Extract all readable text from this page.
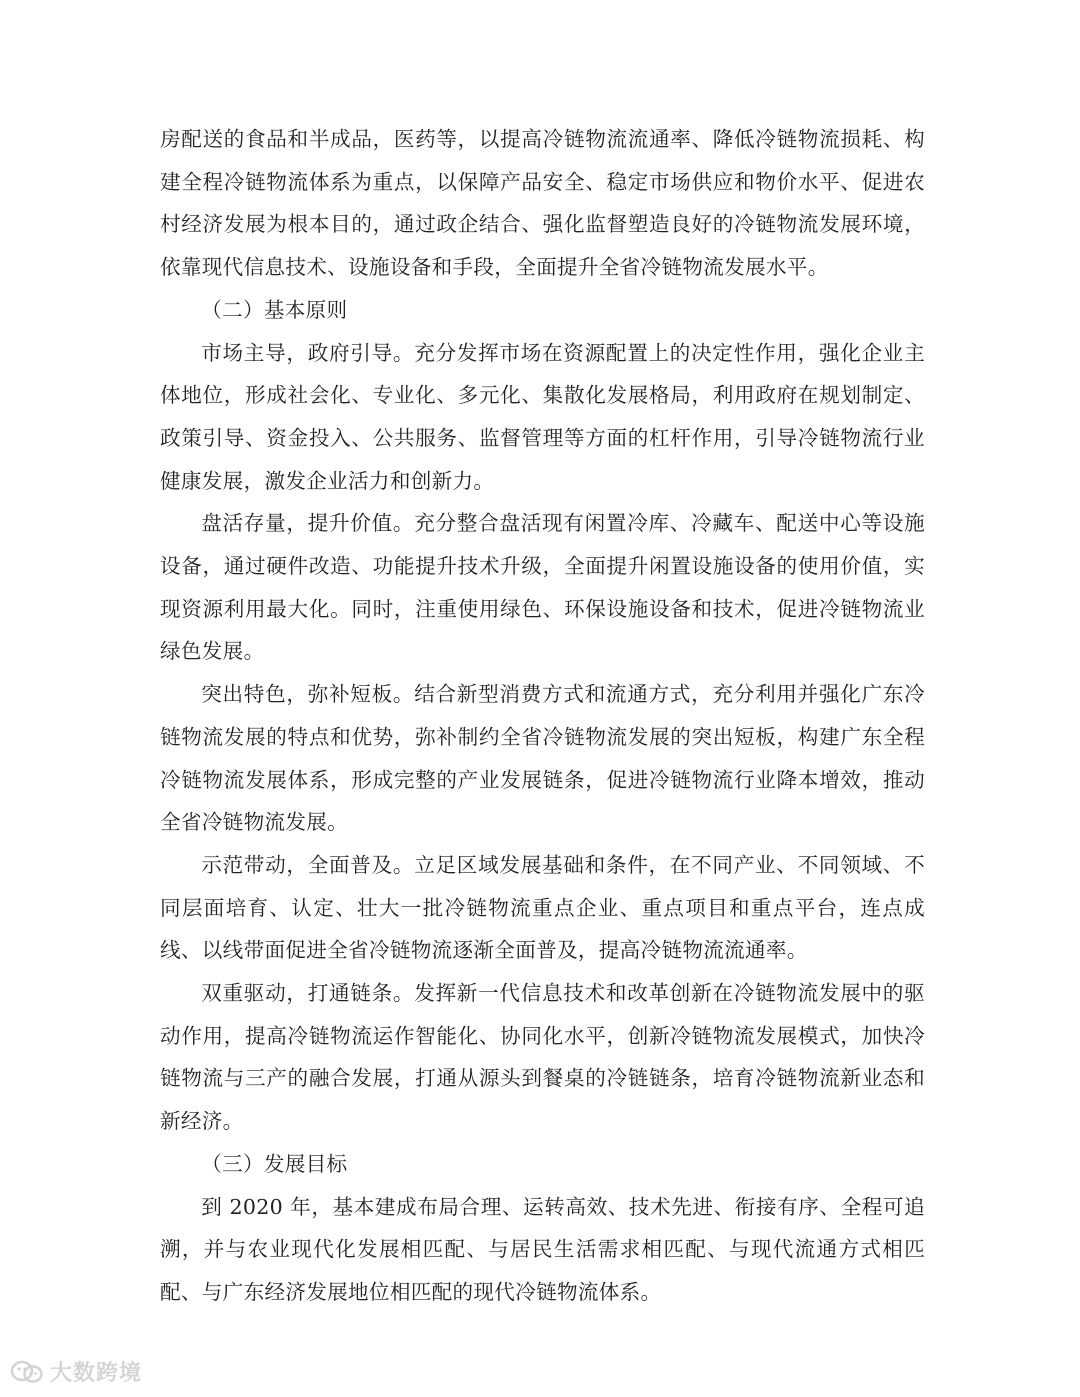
房配送的食品和半成品，医药等，以提高冷链物流流通率、降低冷链物流损耗、构建全程冷链物流体系为重点，以保障产品安全、稳定市场供应和物价水平、促进农村经济发展为根本目的，通过政企结合、强化监督塑造良好的冷链物流发展环境，依靠现代信息技术、设施设备和手段，全面提升全省冷链物流发展水平。

（二）基本原则

市场主导，政府引导。充分发挥市场在资源配置上的决定性作用，强化企业主体地位，形成社会化、专业化、多元化、集散化发展格局，利用政府在规划制定、政策引导、资金投入、公共服务、监督管理等方面的杠杆作用，引导冷链物流行业健康发展，激发企业活力和创新力。

盘活存量，提升价值。充分整合盘活现有闲置冷库、冷藏车、配送中心等设施设备，通过硬件改造、功能提升技术升级，全面提升闲置设施设备的使用价值，实现资源利用最大化。同时，注重使用绿色、环保设施设备和技术，促进冷链物流业绿色发展。

突出特色，弥补短板。结合新型消费方式和流通方式，充分利用并强化广东冷链物流发展的特点和优势，弥补制约全省冷链物流发展的突出短板，构建广东全程冷链物流发展体系，形成完整的产业发展链条，促进冷链物流行业降本增效，推动全省冷链物流发展。

示范带动，全面普及。立足区域发展基础和条件，在不同产业、不同领域、不同层面培育、认定、壮大一批冷链物流重点企业、重点项目和重点平台，连点成线、以线带面促进全省冷链物流逐渐全面普及，提高冷链物流流通率。

双重驱动，打通链条。发挥新一代信息技术和改革创新在冷链物流发展中的驱动作用，提高冷链物流运作智能化、协同化水平，创新冷链物流发展模式，加快冷链物流与三产的融合发展，打通从源头到餐桌的冷链链条，培育冷链物流新业态和新经济。

（三）发展目标

到 2020 年，基本建成布局合理、运转高效、技术先进、衔接有序、全程可追溯，并与农业现代化发展相匹配、与居民生活需求相匹配、与现代流通方式相匹配、与广东经济发展地位相匹配的现代冷链物流体系。

大数跨境
